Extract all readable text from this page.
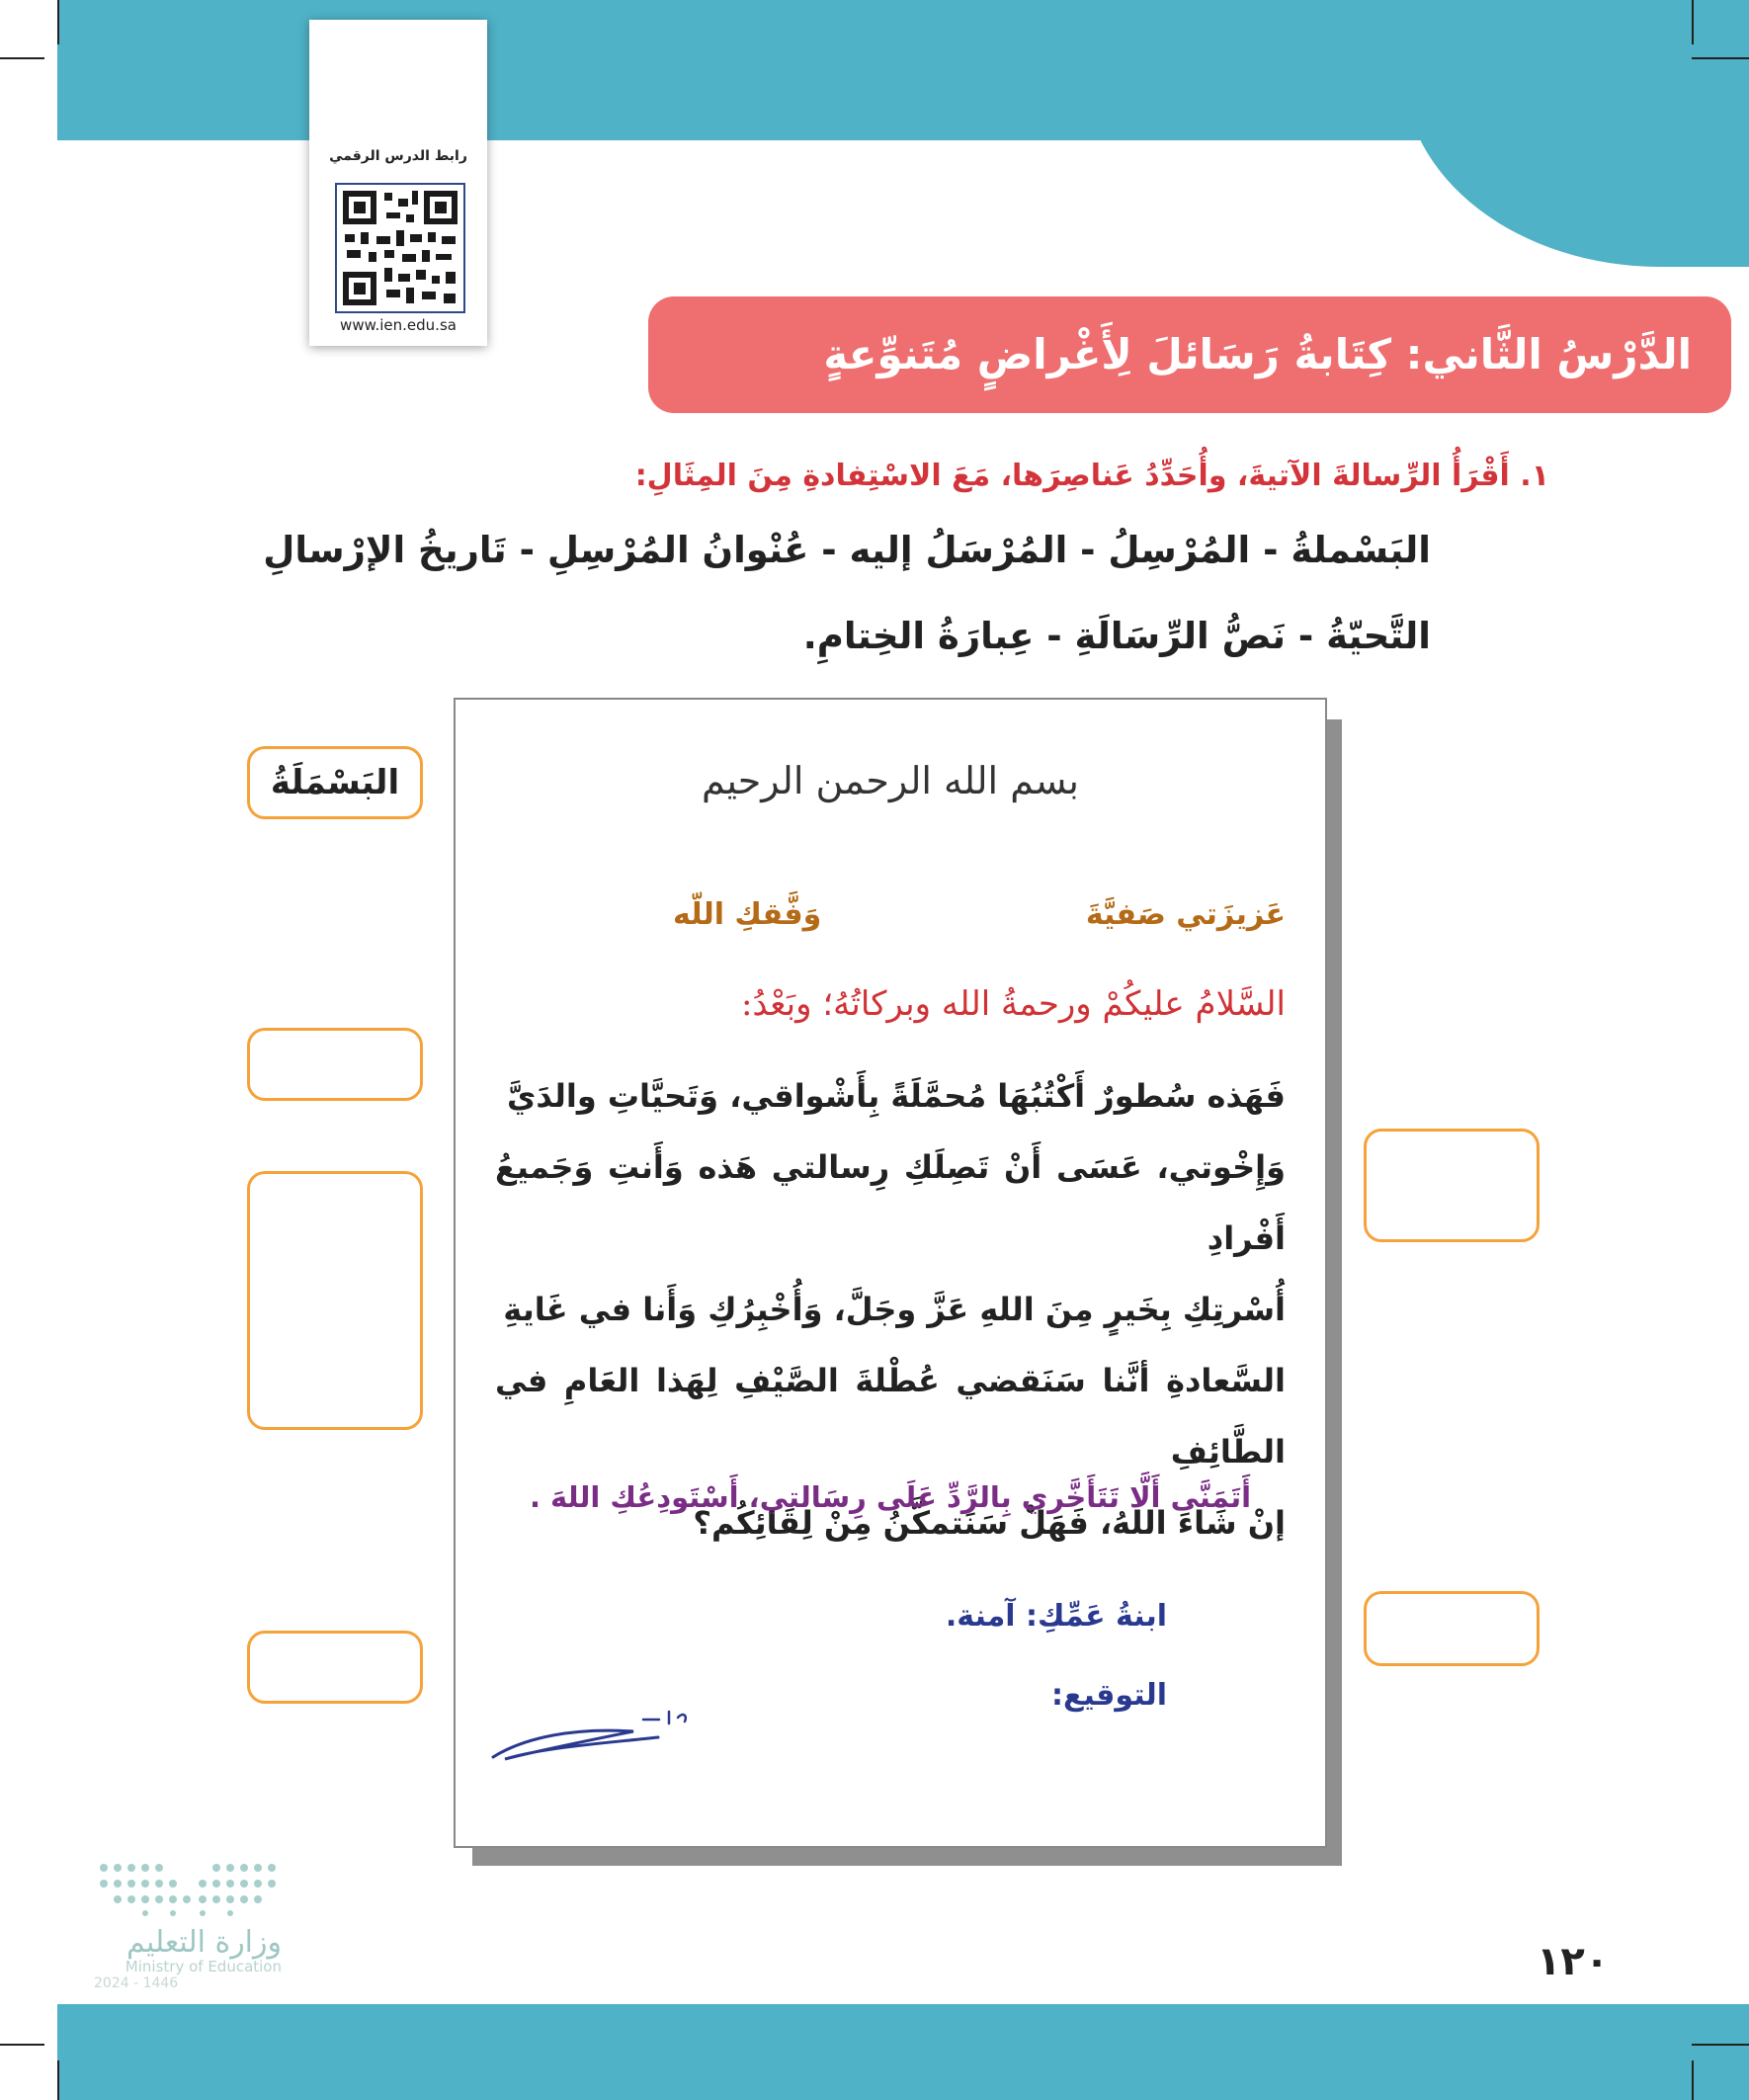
رابط الدرس الرقمي
www.ien.edu.sa
الدَّرْسُ الثَّاني: كِتَابةُ رَسَائلَ لِأَغْراضٍ مُتَنوِّعةٍ
١. أَقْرَأُ الرِّسالةَ الآتيةَ، وأُحَدِّدُ عَناصِرَها، مَعَ الاسْتِفادةِ مِنَ المِثَالِ:
البَسْملةُ - المُرْسِلُ - المُرْسَلُ إليه - عُنْوانُ المُرْسِلِ - تَاريخُ الإرْسالِ
التَّحيّةُ - نَصُّ الرِّسَالَةِ - عِبارَةُ الخِتامِ.
بسم الله الرحمن الرحيم
عَزيزَتي صَفيَّةَ
وَفَّقكِ اللّه
السَّلامُ عليكُمْ ورحمةُ الله وبركاتُهُ؛ وبَعْدُ:
فَهَذه سُطورٌ أَكْتُبُهَا مُحمَّلَةً بِأَشْواقي، وَتَحيَّاتِ والدَيَّ
وَإِخْوتي، عَسَى أَنْ تَصِلَكِ رِسالتي هَذه وَأَنتِ وَجَميعُ أَفْرادِ
أُسْرتِكِ بِخَيرٍ مِنَ اللهِ عَزَّ وجَلَّ، وَأُخْبِرُكِ وَأَنا في غَايةِ
السَّعادةِ أنَّنا سَنَقضي عُطْلةَ الصَّيْفِ لِهَذا العَامِ في الطَّائِفِ
إنْ شَاءَ اللهُ، فَهَلْ سَنَتمكَّنُ مِنْ لِقَائِكُم؟
أَتَمَنَّى أَلَّا تَتَأَخَّري بِالرَّدِّ عَلَى رِسَالتي، أَسْتَودِعُكِ اللهَ .
ابنةُ عَمِّكِ: آمنة.
التوقيع:
البَسْمَلَةُ
وزارة التعليم
Ministry of Education
2024 - 1446	١٢٠
